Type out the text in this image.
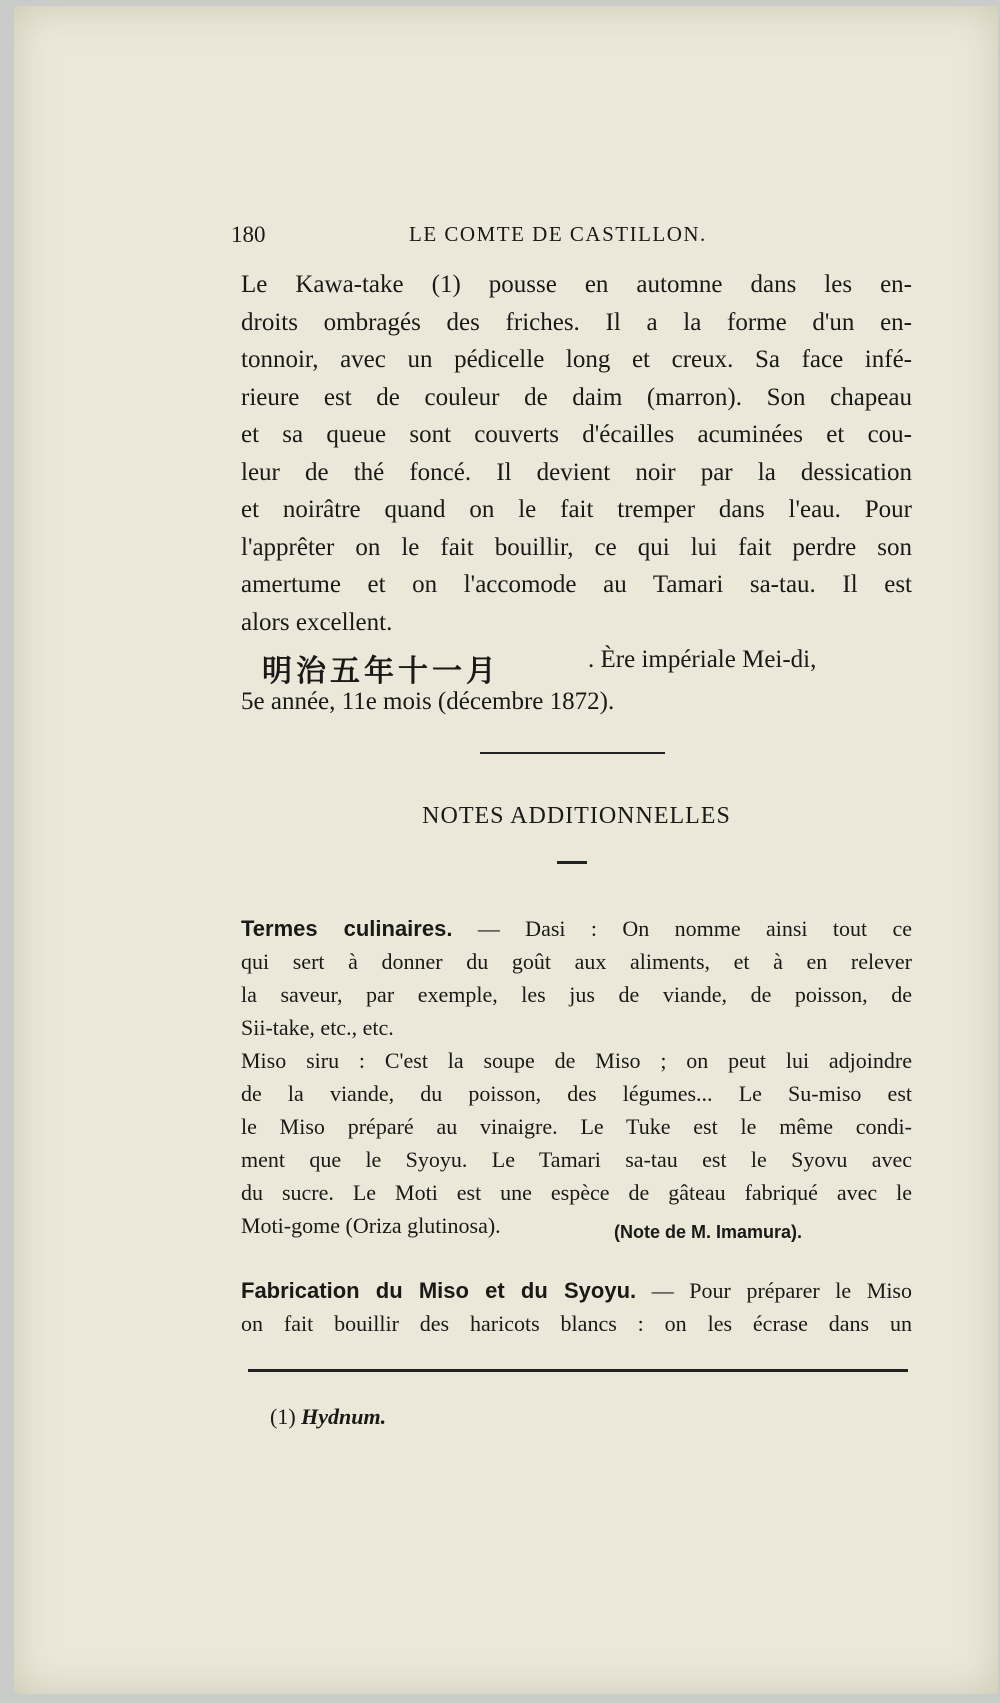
180	LE COMTE DE CASTILLON.
Le Kawa-take (1) pousse en automne dans les en-
droits ombragés des friches. Il a la forme d'un en-
tonnoir, avec un pédicelle long et creux. Sa face infé-
rieure est de couleur de daim (marron). Son chapeau
et sa queue sont couverts d'écailles acuminées et cou-
leur de thé foncé. Il devient noir par la dessication
et noirâtre quand on le fait tremper dans l'eau. Pour
l'apprêter on le fait bouillir, ce qui lui fait perdre son
amertume et on l'accomode au Tamari sa-tau. Il est
alors excellent.
明治五年十一月	. Ère impériale Mei-di,
5e année, 11e mois (décembre 1872).
NOTES ADDITIONNELLES
Termes culinaires. — Dasi : On nomme ainsi tout ce
qui sert à donner du goût aux aliments, et à en relever
la saveur, par exemple, les jus de viande, de poisson, de
Sii-take, etc., etc.
Miso siru : C'est la soupe de Miso ; on peut lui adjoindre
de la viande, du poisson, des légumes... Le Su-miso est
le Miso préparé au vinaigre. Le Tuke est le même condi-
ment que le Syoyu. Le Tamari sa-tau est le Syovu avec
du sucre. Le Moti est une espèce de gâteau fabriqué avec le
Moti-gome (Oriza glutinosa).	(Note de M. Imamura).
Fabrication du Miso et du Syoyu. — Pour préparer le Miso
on fait bouillir des haricots blancs : on les écrase dans un
(1) Hydnum.
